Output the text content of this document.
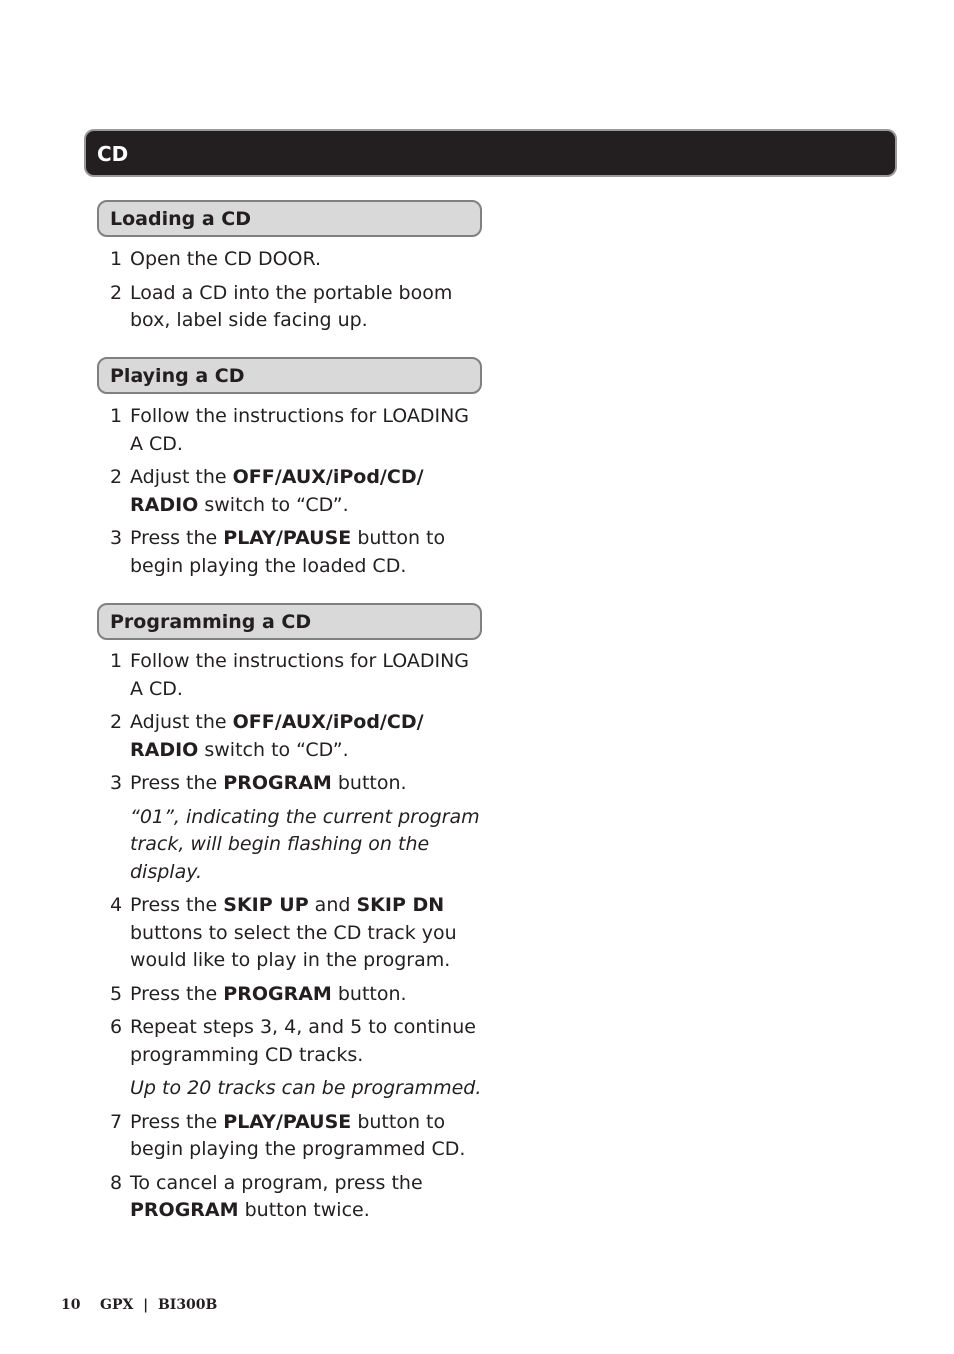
CD
Loading a CD
1 Open the CD DOOR.
2 Load a CD into the portable boom box, label side facing up.
Playing a CD
1 Follow the instructions for LOADING A CD.
2 Adjust the OFF/AUX/iPod/CD/ RADIO switch to “CD”.
3 Press the PLAY/PAUSE button to begin playing the loaded CD.
Programming a CD
1 Follow the instructions for LOADING A CD.
2 Adjust the OFF/AUX/iPod/CD/ RADIO switch to “CD”.
3 Press the PROGRAM button.
“01”, indicating the current program track, will begin flashing on the display.
4 Press the SKIP UP and SKIP DN buttons to select the CD track you would like to play in the program.
5 Press the PROGRAM button.
6 Repeat steps 3, 4, and 5 to continue programming CD tracks.
Up to 20 tracks can be programmed.
7 Press the PLAY/PAUSE button to begin playing the programmed CD.
8 To cancel a program, press the PROGRAM button twice.
10 GPX | BI300B
